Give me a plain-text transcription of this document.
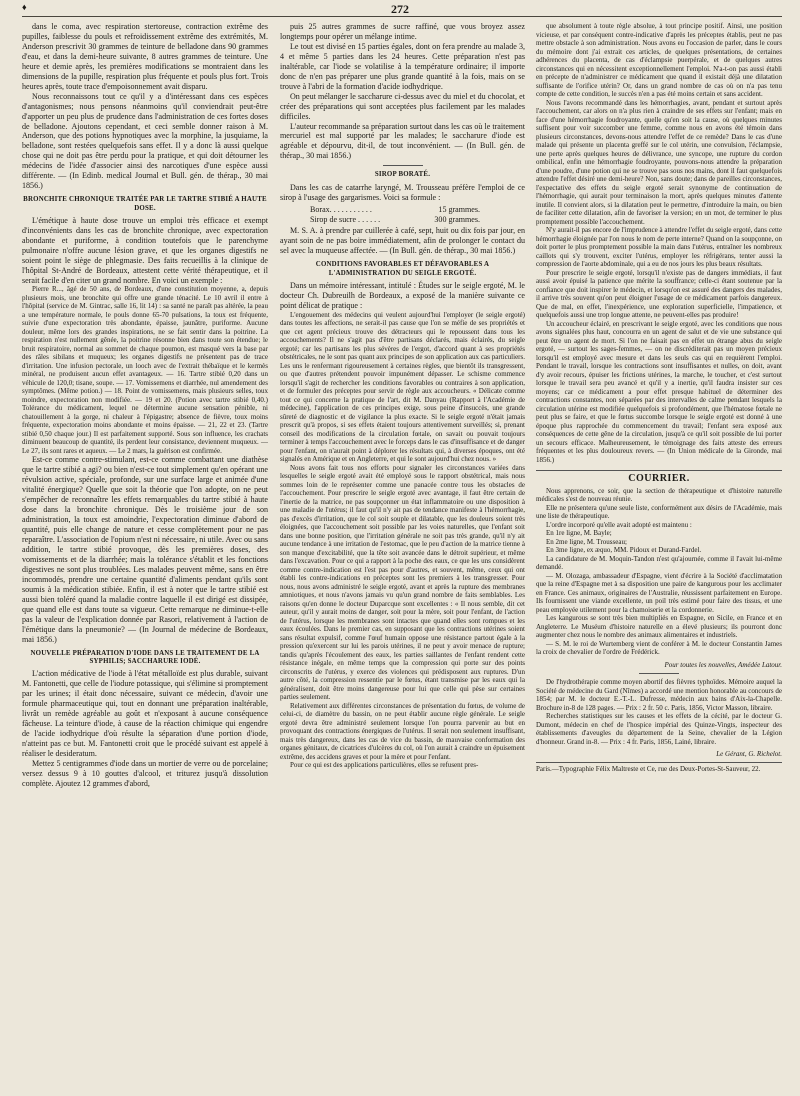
♦	272

dans le coma, avec respiration stertoreuse, contraction extrême des pupilles, faiblesse du pouls et refroidissement extrême des extrémités, M. Anderson prescrivit 30 grammes de teinture de belladone dans 90 grammes d'eau, et dans la demi-heure suivante, 8 autres grammes de teinture. Une heure et demie après, les premières modifications se montraient dans les dimensions de la pupille, respiration plus fréquente et pouls plus fort. Trois heures après, toute trace d'empoisonnement avait disparu.

Nous reconnaissons tout ce qu'il y a d'intéressant dans ces espèces d'antagonismes; nous pensons néanmoins qu'il conviendrait peut-être d'apporter un peu plus de prudence dans l'administration de ces fortes doses de belladone. Ajoutons cependant, et ceci semble donner raison à M. Anderson, que des potions hypnotiques avec la morphine, la jusquiame, la belladone, sont restées quelquefois sans effet. Il y a donc là aussi quelque chose qui ne doit pas être perdu pour la pratique, et qui doit détourner les médecins de l'idée d'associer ainsi des narcotiques d'une espèce aussi différente. — (In Edinb. medical Journal et Bull. gén. de thérap., 30 mai 1856.)

BRONCHITE CHRONIQUE TRAITÉE PAR LE TARTRE STIBIÉ A HAUTE DOSE.

L'émétique à haute dose trouve un emploi très efficace et exempt d'inconvénients dans les cas de bronchite chronique, avec expectoration abondante et puriforme, à condition toutefois que le parenchyme pulmonaire n'offre aucune lésion grave, et que les organes digestifs ne soient point le siège de phlegmasie. Des faits recueillis à la clinique de l'hôpital St-André de Bordeaux, attestent cette vérité thérapeutique, et il serait facile d'en citer un grand nombre. En voici un exemple :

Pierre R..., âgé de 50 ans, de Bordeaux, d'une constitution moyenne, a, depuis plusieurs mois, une bronchite qui offre une grande ténacité. Le 10 avril il entre à l'hôpital (service de M. Gintrac, salle 16, lit 14) : sa santé ne paraît pas altérée, la peau a une température normale, le pouls donne 65-70 pulsations, la toux est fréquente, suivie d'une expectoration très abondante, épaisse, jaunâtre, puriforme. Aucune douleur, même lors des grandes inspirations, ne se fait sentir dans la poitrine. La respiration n'est nullement gênée, la poitrine résonne bien dans toute son étendue; le bruit respiratoire, normal au sommet de chaque poumon, est masqué vers la base par des râles sibilans et muqueux; les organes digestifs ne présentent pas de trace d'irritation. Une infusion pectorale, un looch avec de l'extrait thébaïque et le kermès minéral, ne produisent aucun effet avantageux. — 16. Tartre stibié 0,20 dans un véhicule de 120,0; tisane, soupe. — 17. Vomissemens et diarrhée, nul amendement des symptômes. (Même potion.) — 18. Point de vomissemens, mais plusieurs selles, toux moindre, expectoration non modifiée. — 19 et 20. (Potion avec tartre stibié 0,40.) Tolérance du médicament, lequel ne détermine aucune sensation pénible, ni chatouillement à la gorge, ni chaleur à l'épigastre; absence de fièvre, toux moins fréquente, expectoration moins abondante et moins épaisse. — 21, 22 et 23. (Tartre stibié 0,50 chaque jour.) Il est parfaitement supporté. Sous son influence, les crachats diminuent beaucoup de quantité, ils perdent leur consistance, deviennent muqueux. — Le 27, ils sont rares et aqueux. — Le 2 mars, la guérison est confirmée.

Est-ce comme contre-stimulant, est-ce comme combattant une diathèse que le tartre stibié a agi? ou bien n'est-ce tout simplement qu'en opérant une révulsion active, spéciale, profonde, sur une surface large et animée d'une vitalité énergique? Quelle que soit la théorie que l'on adopte, on ne peut s'empêcher de reconnaître les effets remarquables du tartre stibié à haute dose dans la bronchite chronique. Dès le troisième jour de son administration, la toux est amoindrie, l'expectoration diminue d'abord de quantité, puis elle change de nature et cesse complètement pour ne pas reparaître. L'association de l'opium n'est ni nécessaire, ni utile. Avec ou sans addition, le tartre stibié provoque, dès les premières doses, des vomissements et de la diarrhée; mais la tolérance s'établit et les fonctions digestives ne sont plus troublées. Les malades peuvent même, sans en être incommodés, prendre une certaine quantité d'aliments pendant qu'ils sont soumis à la médication stibiée. Enfin, il est à noter que le tartre stibié est aussi bien toléré quand la maladie contre laquelle il est dirigé est dissipée, que quand elle est dans toute sa vigueur. Cette remarque ne diminue-t-elle pas la valeur de l'explication donnée par Rasori, relativement à l'action de l'émétique dans la pneumonie? — (In Journal de médecine de Bordeaux, mai 1856.)

NOUVELLE PRÉPARATION D'IODE DANS LE TRAITEMENT DE LA SYPHILIS; SACCHARURE IODÉ.

L'action médicative de l'iode à l'état métalloïde est plus durable, suivant M. Fantonetti, que celle de l'iodure potassique, qui s'élimine si promptement par les urines; il était donc nécessaire, suivant ce médecin, d'avoir une formule pharmaceutique qui, tout en donnant une préparation inaltérable, livrât un remède agréable au goût et n'exposant à aucune conséquence fâcheuse. La teinture d'iode, à cause de la réaction chimique qui engendre de l'acide iodhydrique d'où résulte la séparation d'une portion d'iode, n'atteint pas ce but. M. Fantonetti croit que le procédé suivant est appelé à réaliser le desideratum.

Mettez 5 centigrammes d'iode dans un mortier de verre ou de porcelaine; versez dessus 9 à 10 gouttes d'alcool, et triturez jusqu'à dissolution complète. Ajoutez 12 grammes d'abord,

puis 25 autres grammes de sucre raffiné, que vous broyez assez longtemps pour opérer un mélange intime.

Le tout est divisé en 15 parties égales, dont on fera prendre au malade 3, 4 et même 5 parties dans les 24 heures. Cette préparation n'est pas inaltérable, car l'iode se volatilise à la température ordinaire; il importe donc de n'en pas préparer une plus grande quantité à la fois, mais on se trouve à l'abri de la formation d'acide iodhydrique.

On peut mélanger le saccharure ci-dessus avec du miel et du chocolat, et créer des préparations qui sont acceptées plus facilement par les malades difficiles.

L'auteur recommande sa préparation surtout dans les cas où le traitement mercuriel est mal supporté par les malades; le saccharure d'iode est agréable et dépourvu, dit-il, de tout inconvénient. — (In Bull. gén. de thérap., 30 mai 1856.)

SIROP BORATÉ.

Dans les cas de catarrhe laryngé, M. Trousseau préfère l'emploi de ce sirop à l'usage des gargarismes. Voici sa formule :

Borax. . . . . . . . . . .	15 grammes.
Sirop de sucre . . . . . .	300 grammes.

M. S. A. à prendre par cuillerée à café, sept, huit ou dix fois par jour, en ayant soin de ne pas boire immédiatement, afin de prolonger le contact du sel avec la muqueuse affectée. — (In Bull. gén. de thérap., 30 mai 1856.)

CONDITIONS FAVORABLES ET DÉFAVORABLES A L'ADMINISTRATION DU SEIGLE ERGOTÉ.

Dans un mémoire intéressant, intitulé : Études sur le seigle ergoté, M. le docteur Ch. Dubreuilh de Bordeaux, a exposé de la manière suivante ce point délicat de pratique :

L'engouement des médecins qui veulent aujourd'hui l'employer (le seigle ergoté) dans toutes les affections, ne serait-il pas cause que l'on se méfie de ses propriétés et que cet agent précieux trouve des détracteurs qui le repoussent dans tous les accouchements? Il ne s'agit pas d'être partisans déclarés, mais éclairés, du seigle ergoté; car les partisans les plus sévères de l'ergot, d'accord quant à ses propriétés obstétricales, ne le sont pas quant aux principes de son application aux cas particuliers. Les uns le renfermant rigoureusement à certaines règles, que bientôt ils transgressent, ou que d'autres prétendent pouvoir impunément dépasser. Le schisme commence lorsqu'il s'agit de rechercher les conditions favorables ou contraires à son application, et de formuler des préceptes pour servir de règle aux accoucheurs. « Délicate comme tout ce qui concerne la pratique de l'art, dit M. Danyau (Rapport à l'Académie de médecine), l'application de ces principes exige, sous peine d'insuccès, une grande sûreté de diagnostic et de vigilance la plus exacte. Si le seigle ergoté n'était jamais prescrit qu'à propos, si ses effets étaient toujours attentivement surveillés; si, prenant conseil des modifications de la circulation fœtale, on savait ou pouvait toujours terminer à temps l'accouchement avec le forceps dans le cas d'insuffisance et de danger pour l'enfant, on n'aurait point à déplorer les résultats qui, à diverses époques, ont été signalés en Amérique et en Angleterre, et qui le sont aujourd'hui chez nous. »

Nous avons fait tous nos efforts pour signaler les circonstances variées dans lesquelles le seigle ergoté avait été employé sous le rapport obstétrical, mais nous sommes loin de le représenter comme une panacée contre tous les obstacles de l'accouchement. Pour prescrire le seigle ergoté avec avantage, il faut être certain de l'inertie de la matrice, ne pas soupçonner un état inflammatoire ou une disposition à une maladie de l'utérus; il faut qu'il n'y ait pas de tendance manifeste à l'hémorrhagie, pas d'excès d'irritation, que le col soit souple et dilatable, que les douleurs soient très éloignées, que l'accouchement soit possible par les voies naturelles, que l'enfant soit dans une bonne position, que l'irritation générale ne soit pas très grande, qu'il n'y ait aucune tendance à une irritation de l'estomac, que le peu d'action de la matrice tienne à son manque d'excitabilité, que la tête soit avancée dans le détroit supérieur, et même dans l'excavation. Pour ce qui a rapport à la poche des eaux, ce que les uns considèrent comme contre-indication est l'est pas pour d'autres, et souvent, même, ceux qui ont établi les contre-indications en préceptes sont les premiers à les transgresser. Pour nous, nous avons administré le seigle ergoté, avant et après la rupture des membranes amniotiques, et nous n'avons jamais vu qu'un grand nombre de faits semblables. Les raisons qu'en donne le docteur Duparcque sont excellentes : « Il nous semble, dit cet auteur, qu'il y aurait moins de danger, soit pour la mère, soit pour l'enfant, de l'action de l'utérus, lorsque les membranes sont intactes que quand elles sont rompues et les eaux écoulées. Dans le premier cas, en supposant que les contractions utérines soient sans résultat expulsif, comme l'œuf humain oppose une résistance partout égale à la pression qu'exercent sur lui les parois utérines, il ne peut y avoir menace de rupture; tandis qu'après l'écoulement des eaux, les parties saillantes de l'enfant rendent cette résistance inégale, en même temps que la compression qui porte sur des points circonscrits de l'utérus, y exerce des violences qui prédisposent aux ruptures. D'un autre côté, la compression ressentie par le fœtus, étant transmise par les eaux qui la généralisent, doit être moins dangereuse pour lui que celle qui pèse sur certaines parties seulement.

Relativement aux différentes circonstances de présentation du fœtus, de volume de celui-ci, de diamètre du bassin, on ne peut établir aucune règle générale. Le seigle ergoté devra être administré seulement lorsque l'on pourra parvenir au but en provoquant des contractions énergiques de l'utérus. Il serait non seulement insuffisant, mais très dangereux, dans les cas de vice du bassin, de mauvaise conformation des organes génitaux, de cicatrices d'ulcères du col, où l'on aurait à craindre un épuisement extrême, des accidens graves et pour la mère et pour l'enfant.

Pour ce qui est des applications particulières, elles se refusent pres-

que absolument à toute règle absolue, à tout principe positif. Ainsi, une position vicieuse, et par conséquent contre-indicative d'après les préceptes établis, peut ne pas mettre obstacle à son administration. Nous avons eu l'occasion de parler, dans le cours du mémoire dont j'ai extrait ces articles, de quelques présentations, de certaines adhérences du placenta, de cas d'éclampsie puerpérale, et de quelques autres circonstances qui en nécessitent exceptionnellement l'emploi. N'a-t-on pas aussi établi en précepte de n'administrer ce médicament que quand il existait déjà une dilatation suffisante de l'orifice utérin? Or, dans un grand nombre de cas où on n'a pas tenu compte de cette condition, le succès n'en a pas été moins certain et sans accident.

Nous l'avons recommandé dans les hémorrhagies, avant, pendant et surtout après l'accouchement, car alors on n'a plus rien à craindre de ses effets sur l'enfant; mais en face d'une hémorrhagie foudroyante, quelle qu'en soit la cause, où quelques minutes suffisent pour voir succomber une femme, comme nous en avons été témoin dans plusieurs circonstances, devons-nous attendre l'effet de ce remède? Dans le cas d'une malade qui présente un placenta greffé sur le col utérin, une convulsion, l'éclampsie, une perte après quelques heures de délivrance, une syncope, une rupture du cordon ombilical, enfin une hémorrhagie foudroyante, pouvons-nous attendre la préparation d'une poudre, d'une potion qui ne se trouve pas sous nos mains, dont il faut quelquefois attendre l'effet désiré une demi-heure? Non, sans doute; dans de pareilles circonstances, l'expectative des effets du seigle ergoté serait synonyme de continuation de l'hémorrhagie, qui aurait pour terminaison la mort, après quelques minutes d'attente inutile. Il convient alors, si la dilatation peut le permettre, d'introduire la main, ou bien de faciliter cette dilatation, afin de favoriser la version; en un mot, de terminer le plus promptement possible l'accouchement.

N'y aurait-il pas encore de l'imprudence à attendre l'effet du seigle ergoté, dans cette hémorrhagie éloignée par l'on nous le nom de perte interne? Quand on la soupçonne, on doit porter le plus promptement possible la main dans l'utérus, entraîner les nombreux caillots qui s'y trouvent, exciter l'utérus, employer les réfrigérans, tenter aussi la compression de l'aorte abdominale, qui a eu de nos jours les plus beaux résultats.

Pour prescrire le seigle ergoté, lorsqu'il n'existe pas de dangers immédiats, il faut aussi avoir épuisé la patience que mérite la souffrance; celle-ci étant soutenue par la confiance que doit inspirer le médecin, et lorsqu'on est assuré des dangers des malades, il arrive très souvent qu'on peut éloigner l'usage de ce médicament parfois dangereux. Que de mal, en effet, l'inexpérience, une exploration superficielle, l'impatience, et quelquefois aussi une trop longue attente, ne peuvent-elles pas produire!

Un accoucheur éclairé, en prescrivant le seigle ergoté, avec les conditions que nous avons signalées plus haut, concourra en un agent de salut et de vie une substance qui peut être un agent de mort. Si l'on ne faisait pas en effet un étrange abus du seigle ergoté, — surtout les sages-femmes, — on ne discréditerait pas un moyen précieux lorsqu'il est employé avec mesure et dans les seuls cas qui en requièrent l'emploi. Pendant le travail, lorsque les contractions sont insuffisantes et nulles, on doit, avant d'y avoir recours, épuiser les frictions utérines, la marche, le toucher, et c'est surtout lorsque le travail sera peu avancé et qu'il y a inertie, qu'il faudra insister sur ces moyens; car ce médicament a pour effet presque habituel de déterminer des contractions constantes, non séparées par des intervalles de calme pendant lesquels la circulation utérine est modifiée quelquefois si profondément, que l'hématose fœtale ne peut plus se faire, et que le fœtus succombe lorsque le seigle ergoté est donné à une époque plus rapprochée du commencement du travail; l'enfant sera exposé aux conséquences de cette gêne de la circulation, jusqu'à ce qu'il soit possible de lui porter un secours efficace. Malheureusement, le témoignage des faits atteste des erreurs fréquentes et les plus douloureux revers. — (In Union médicale de la Gironde, mai 1856.)

COURRIER.

Nous apprenons, ce soir, que la section de thérapeutique et d'histoire naturelle médicales s'est de nouveau réunie.

Elle ne présentera qu'une seule liste, conformément aux désirs de l'Académie, mais une liste de thérapeutique.

L'ordre incorporé qu'elle avait adopté est maintenu :

En 1re ligne, M. Bayle;

En 2me ligne, M. Trousseau;

En 3me ligne, ex æquo, MM. Pidoux et Durand-Fardel.

La candidature de M. Moquin-Tandon n'est qu'ajournée, comme il l'avait lui-même demandé.

— M. Olozaga, ambassadeur d'Espagne, vient d'écrire à la Société d'acclimatation que la reine d'Espagne met à sa disposition une paire de kangurous pour les acclimater en France. Ces animaux, originaires de l'Australie, réussissent parfaitement en Europe. Ils fournissent une viande excellente, un poil très estimé pour faire des tissus, et une peau employée utilement pour la chamoiserie et la cordonnerie.

Les kangurous se sont très bien multipliés en Espagne, en Sicile, en France et en Angleterre. Le Muséum d'histoire naturelle en a élevé plusieurs; ils pourront donc augmenter chez nous le nombre des animaux alimentaires et industriels.

— S. M. le roi de Wurtemberg vient de conférer à M. le docteur Constantin James la croix de chevalier de l'ordre de Frédérick.

Pour toutes les nouvelles, Amédée Latour.

De l'hydrothérapie comme moyen abortif des fièvres typhoïdes. Mémoire auquel la Société de médecine du Gard (Nîmes) a accordé une mention honorable au concours de 1854; par M. le docteur E.-T.-L. Dufresse, médecin aux bains d'Aix-la-Chapelle. Brochure in-8 de 128 pages. — Prix : 2 fr. 50 c. Paris, 1856, Victor Masson, libraire.

Recherches statistiques sur les causes et les effets de la cécité, par le docteur G. Dumont, médecin en chef de l'hospice impérial des Quinze-Vingts, inspecteur des établissements d'aveugles du département de la Seine, chevalier de la Légion d'honneur. Grand in-8. — Prix : 4 fr. Paris, 1856, Lainé, libraire.

Le Gérant, G. Richelot.
Paris.—Typographie Félix Maltreste et Ce, rue des Deux-Portes-St-Sauveur, 22.
